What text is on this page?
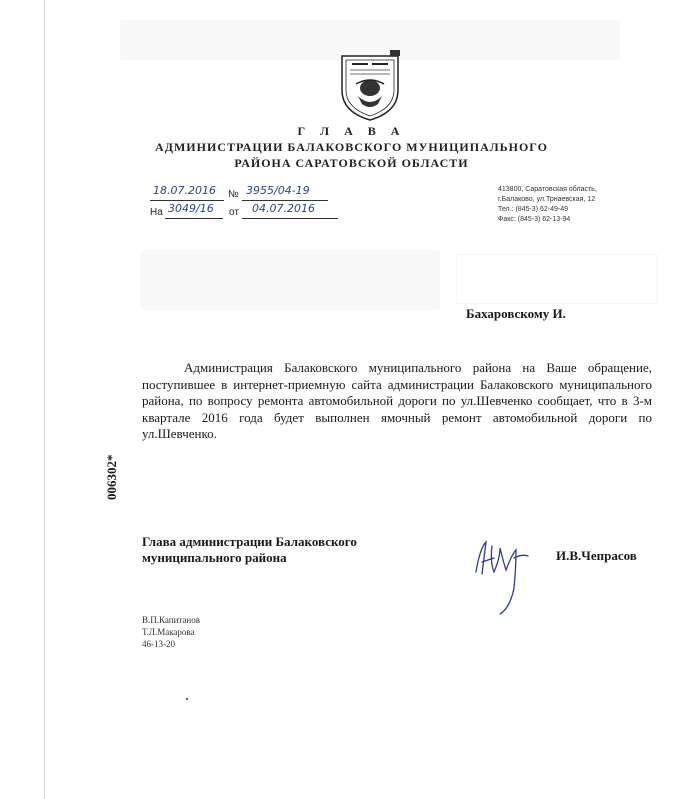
Г Л А В А
АДМИНИСТРАЦИИ БАЛАКОВСКОГО МУНИЦИПАЛЬНОГО
РАЙОНА САРАТОВСКОЙ ОБЛАСТИ
18.07.2016 № 3955/04-19
На 3049/16 от 04.07.2016
413800, Саратовская область,
г.Балаково, ул.Трнаевская, 12
Тел.: (845-3) 62-49-49
Факс: (845-3) 62-13-94
Бахаровскому И.
Администрация Балаковского муниципального района на Ваше обращение, поступившее в интернет-приемную сайта администрации Балаковского муниципального района, по вопросу ремонта автомобильной дороги по ул.Шевченко сообщает, что в 3-м квартале 2016 года будет выполнен ямочный ремонт автомобильной дороги по ул.Шевченко.
006302*
Глава администрации Балаковского
муниципального района	И.В.Чепрасов
В.П.Капитанов
Т.Л.Макарова
46-13-20
